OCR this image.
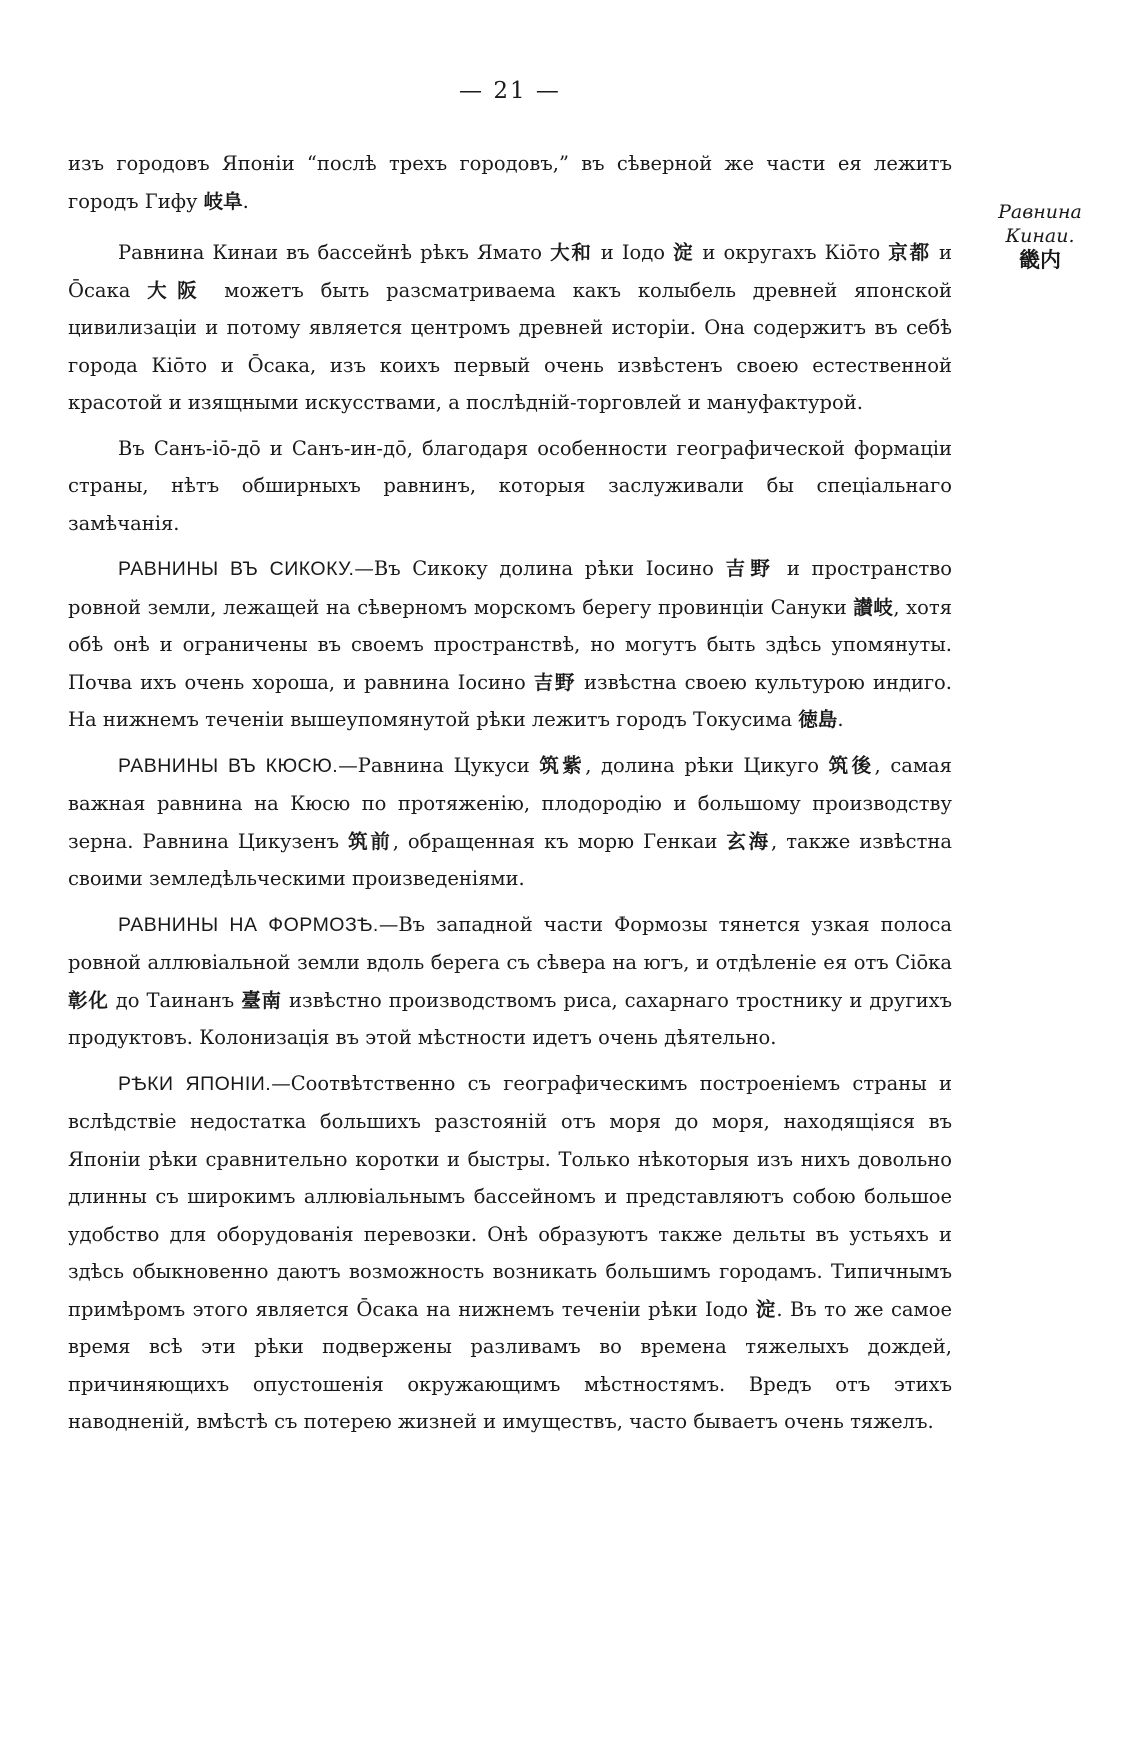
— 21 —
Равнина
Кинаи.
畿内

изъ городовъ Японіи “послѣ трехъ городовъ,” въ сѣверной же части ея лежитъ городъ Гифу 岐阜.

Равнина Кинаи въ бассейнѣ рѣкъ Ямато 大和 и Іодо 淀 и округахъ Кіōто 京都 и Ōсака 大阪 можетъ быть разсматриваема какъ колыбель древней японской цивилизаціи и потому является центромъ древней исторіи. Она содержитъ въ себѣ города Кіōто и Ōсака, изъ коихъ первый очень извѣстенъ своею естественной красотой и изящными искусствами, а послѣдній-торговлей и мануфактурой.

Въ Санъ-іō-дō и Санъ-ин-дō, благодаря особенности географической формаціи страны, нѣтъ обширныхъ равнинъ, которыя заслуживали бы спеціальнаго замѣчанія.

РАВНИНЫ ВЪ СИКОКУ.—Въ Сикоку долина рѣки Іосино 吉野 и пространство ровной земли, лежащей на сѣверномъ морскомъ берегу провинціи Сануки 讃岐, хотя обѣ онѣ и ограничены въ своемъ пространствѣ, но могутъ быть здѣсь упомянуты. Почва ихъ очень хороша, и равнина Іосино 吉野 извѣстна своею культурою индиго. На нижнемъ теченіи вышеупомянутой рѣки лежитъ городъ Токусима 徳島.

РАВНИНЫ ВЪ КЮСЮ.—Равнина Цукуси 筑紫, долина рѣки Цикуго 筑後, самая важная равнина на Кюсю по протяженію, плодородію и большому производству зерна. Равнина Цикузенъ 筑前, обращенная къ морю Генкаи 玄海, также извѣстна своими земледѣльческими произведеніями.

РАВНИНЫ НА ФОРМОЗѢ.—Въ западной части Формозы тянется узкая полоса ровной аллювіальной земли вдоль берега съ сѣвера на югъ, и отдѣленіе ея отъ Сіōка 彰化 до Таинанъ 臺南 извѣстно производствомъ риса, сахарнаго тростнику и другихъ продуктовъ. Колонизація въ этой мѣстности идетъ очень дѣятельно.

РѢКИ ЯПОНІИ.—Соотвѣтственно съ географическимъ построеніемъ страны и вслѣдствіе недостатка большихъ разстояній отъ моря до моря, находящіяся въ Японіи рѣки сравнительно коротки и быстры. Только нѣкоторыя изъ нихъ довольно длинны съ широкимъ аллювіальнымъ бассейномъ и представляютъ собою большое удобство для оборудованія перевозки. Онѣ образуютъ также дельты въ устьяхъ и здѣсь обыкновенно даютъ возможность возникать большимъ городамъ. Типичнымъ примѣромъ этого является Ōсака на нижнемъ теченіи рѣки Іодо 淀. Въ то же самое время всѣ эти рѣки подвержены разливамъ во времена тяжелыхъ дождей, причиняющихъ опустошенія окружающимъ мѣстностямъ. Вредъ отъ этихъ наводненій, вмѣстѣ съ потерею жизней и имуществъ, часто бываетъ очень тяжелъ.
